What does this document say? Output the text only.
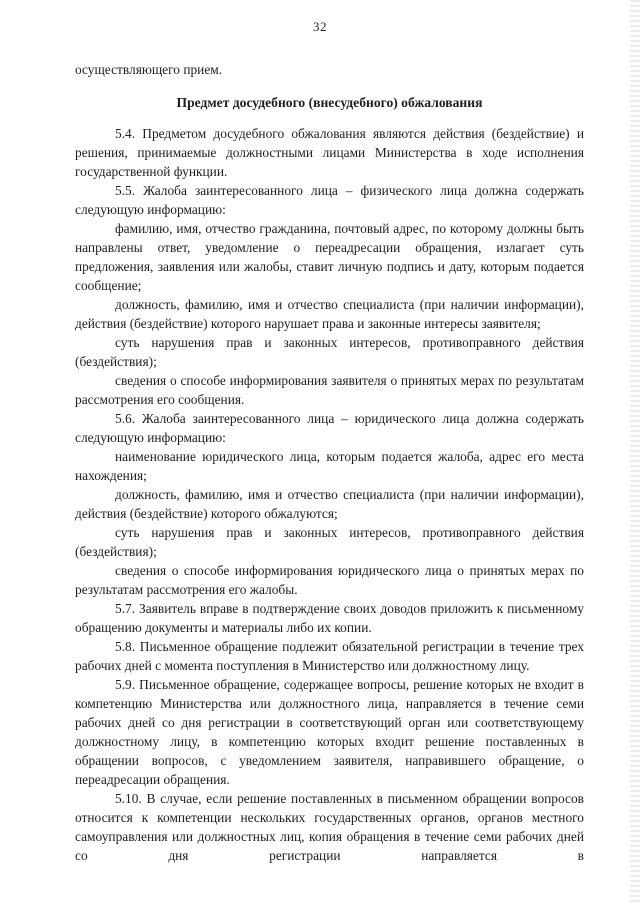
32

осуществляющего прием.

Предмет досудебного (внесудебного) обжалования

5.4. Предметом досудебного обжалования являются действия (бездействие) и решения, принимаемые должностными лицами Министерства в ходе исполнения государственной функции.

5.5. Жалоба заинтересованного лица – физического лица должна содержать следующую информацию:

фамилию, имя, отчество гражданина, почтовый адрес, по которому должны быть направлены ответ, уведомление о переадресации обращения, излагает суть предложения, заявления или жалобы, ставит личную подпись и дату, которым подается сообщение;

должность, фамилию, имя и отчество специалиста (при наличии информации), действия (бездействие) которого нарушает права и законные интересы заявителя;

суть нарушения прав и законных интересов, противоправного действия (бездействия);

сведения о способе информирования заявителя о принятых мерах по результатам рассмотрения его сообщения.

5.6. Жалоба заинтересованного лица – юридического лица должна содержать следующую информацию:

наименование юридического лица, которым подается жалоба, адрес его места нахождения;

должность, фамилию, имя и отчество специалиста (при наличии информации), действия (бездействие) которого обжалуются;

суть нарушения прав и законных интересов, противоправного действия (бездействия);

сведения о способе информирования юридического лица о принятых мерах по результатам рассмотрения его жалобы.

5.7. Заявитель вправе в подтверждение своих доводов приложить к письменному обращению документы и материалы либо их копии.

5.8. Письменное обращение подлежит обязательной регистрации в течение трех рабочих дней с момента поступления в Министерство или должностному лицу.

5.9. Письменное обращение, содержащее вопросы, решение которых не входит в компетенцию Министерства или должностного лица, направляется в течение семи рабочих дней со дня регистрации в соответствующий орган или соответствующему должностному лицу, в компетенцию которых входит решение поставленных в обращении вопросов, с уведомлением заявителя, направившего обращение, о переадресации обращения.

5.10. В случае, если решение поставленных в письменном обращении вопросов относится к компетенции нескольких государственных органов, органов местного самоуправления или должностных лиц, копия обращения в течение семи рабочих дней со дня регистрации направляется в
